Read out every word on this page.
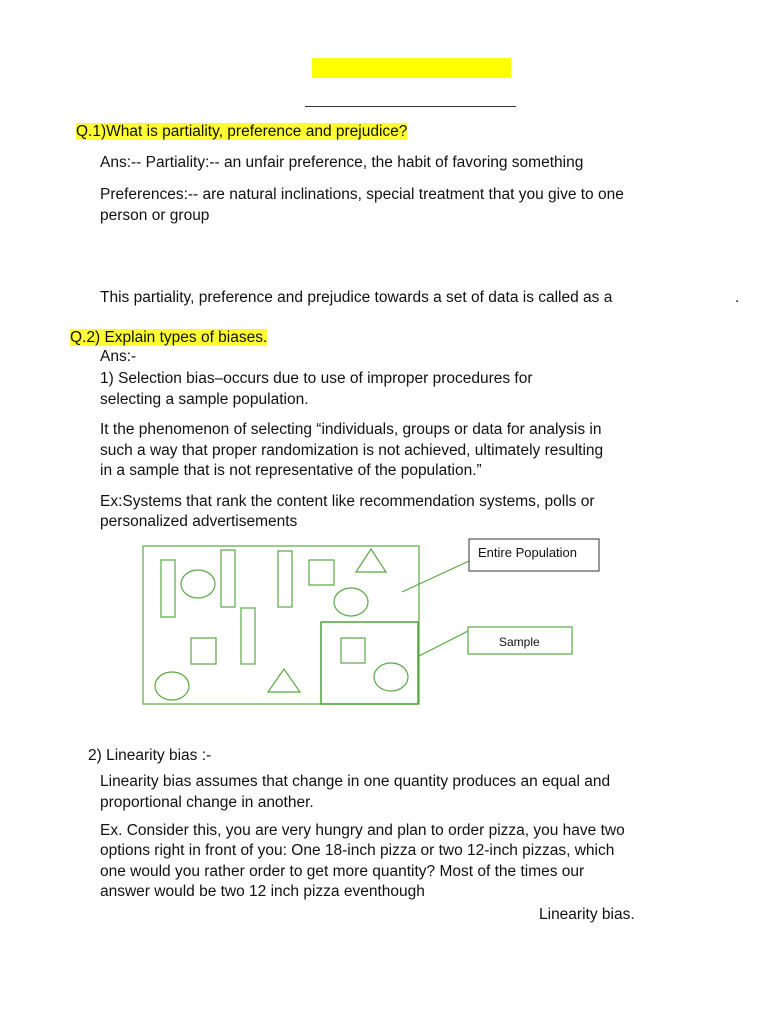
Q.1)What is partiality, preference and prejudice?
Ans:-- Partiality:-- an unfair preference, the habit of favoring something
Preferences:-- are natural inclinations, special treatment that you give to one
person or group
This partiality, preference and prejudice towards a set of data is called as a	.
Q.2) Explain types of biases.
Ans:-
1) Selection bias–occurs due to use of improper procedures for
selecting a sample population.
It the phenomenon of selecting “individuals, groups or data for analysis in
such a way that proper randomization is not achieved, ultimately resulting
in a sample that is not representative of the population.”
Ex:Systems that rank the content like recommendation systems, polls or
personalized advertisements
Entire Population
Sample
2) Linearity bias :-
Linearity bias assumes that change in one quantity produces an equal and
proportional change in another.
Ex. Consider this, you are very hungry and plan to order pizza, you have two
options right in front of you: One 18-inch pizza or two 12-inch pizzas, which
one would you rather order to get more quantity? Most of the times our
answer would be two 12 inch pizza eventhough
Linearity bias.
